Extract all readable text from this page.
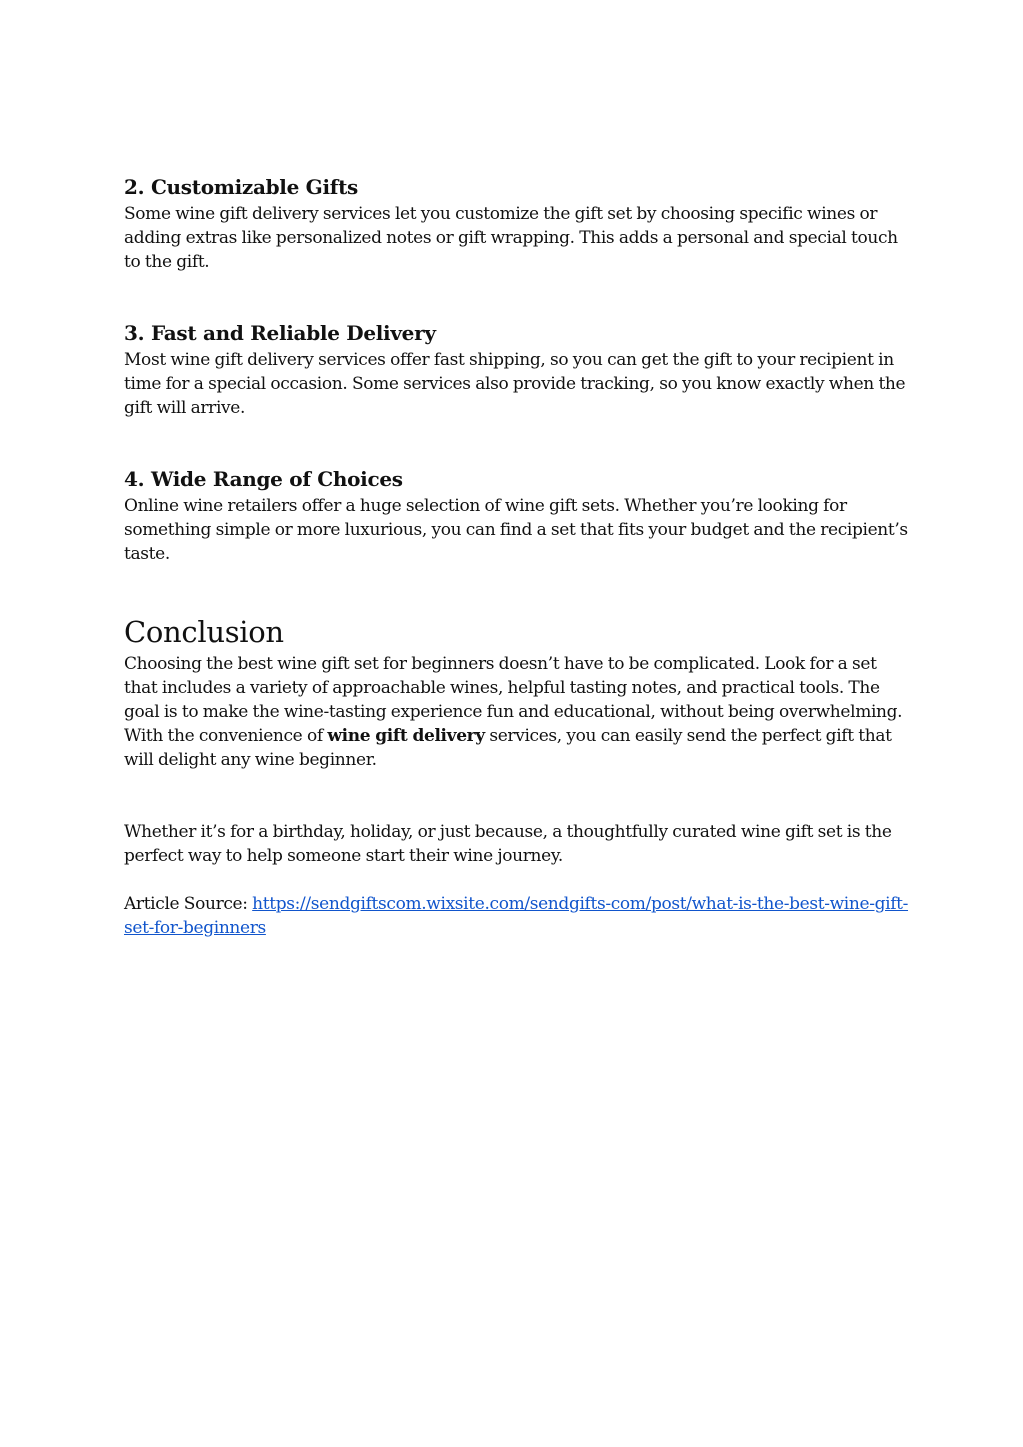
2. Customizable Gifts

Some wine gift delivery services let you customize the gift set by choosing specific wines or adding extras like personalized notes or gift wrapping. This adds a personal and special touch to the gift.

3. Fast and Reliable Delivery

Most wine gift delivery services offer fast shipping, so you can get the gift to your recipient in time for a special occasion. Some services also provide tracking, so you know exactly when the gift will arrive.

4. Wide Range of Choices

Online wine retailers offer a huge selection of wine gift sets. Whether you’re looking for something simple or more luxurious, you can find a set that fits your budget and the recipient’s taste.

Conclusion

Choosing the best wine gift set for beginners doesn’t have to be complicated. Look for a set that includes a variety of approachable wines, helpful tasting notes, and practical tools. The goal is to make the wine-tasting experience fun and educational, without being overwhelming. With the convenience of wine gift delivery services, you can easily send the perfect gift that will delight any wine beginner.

Whether it’s for a birthday, holiday, or just because, a thoughtfully curated wine gift set is the perfect way to help someone start their wine journey.

Article Source: https://sendgiftscom.wixsite.com/sendgifts-com/post/what-is-the-best-wine-gift-set-for-beginners
